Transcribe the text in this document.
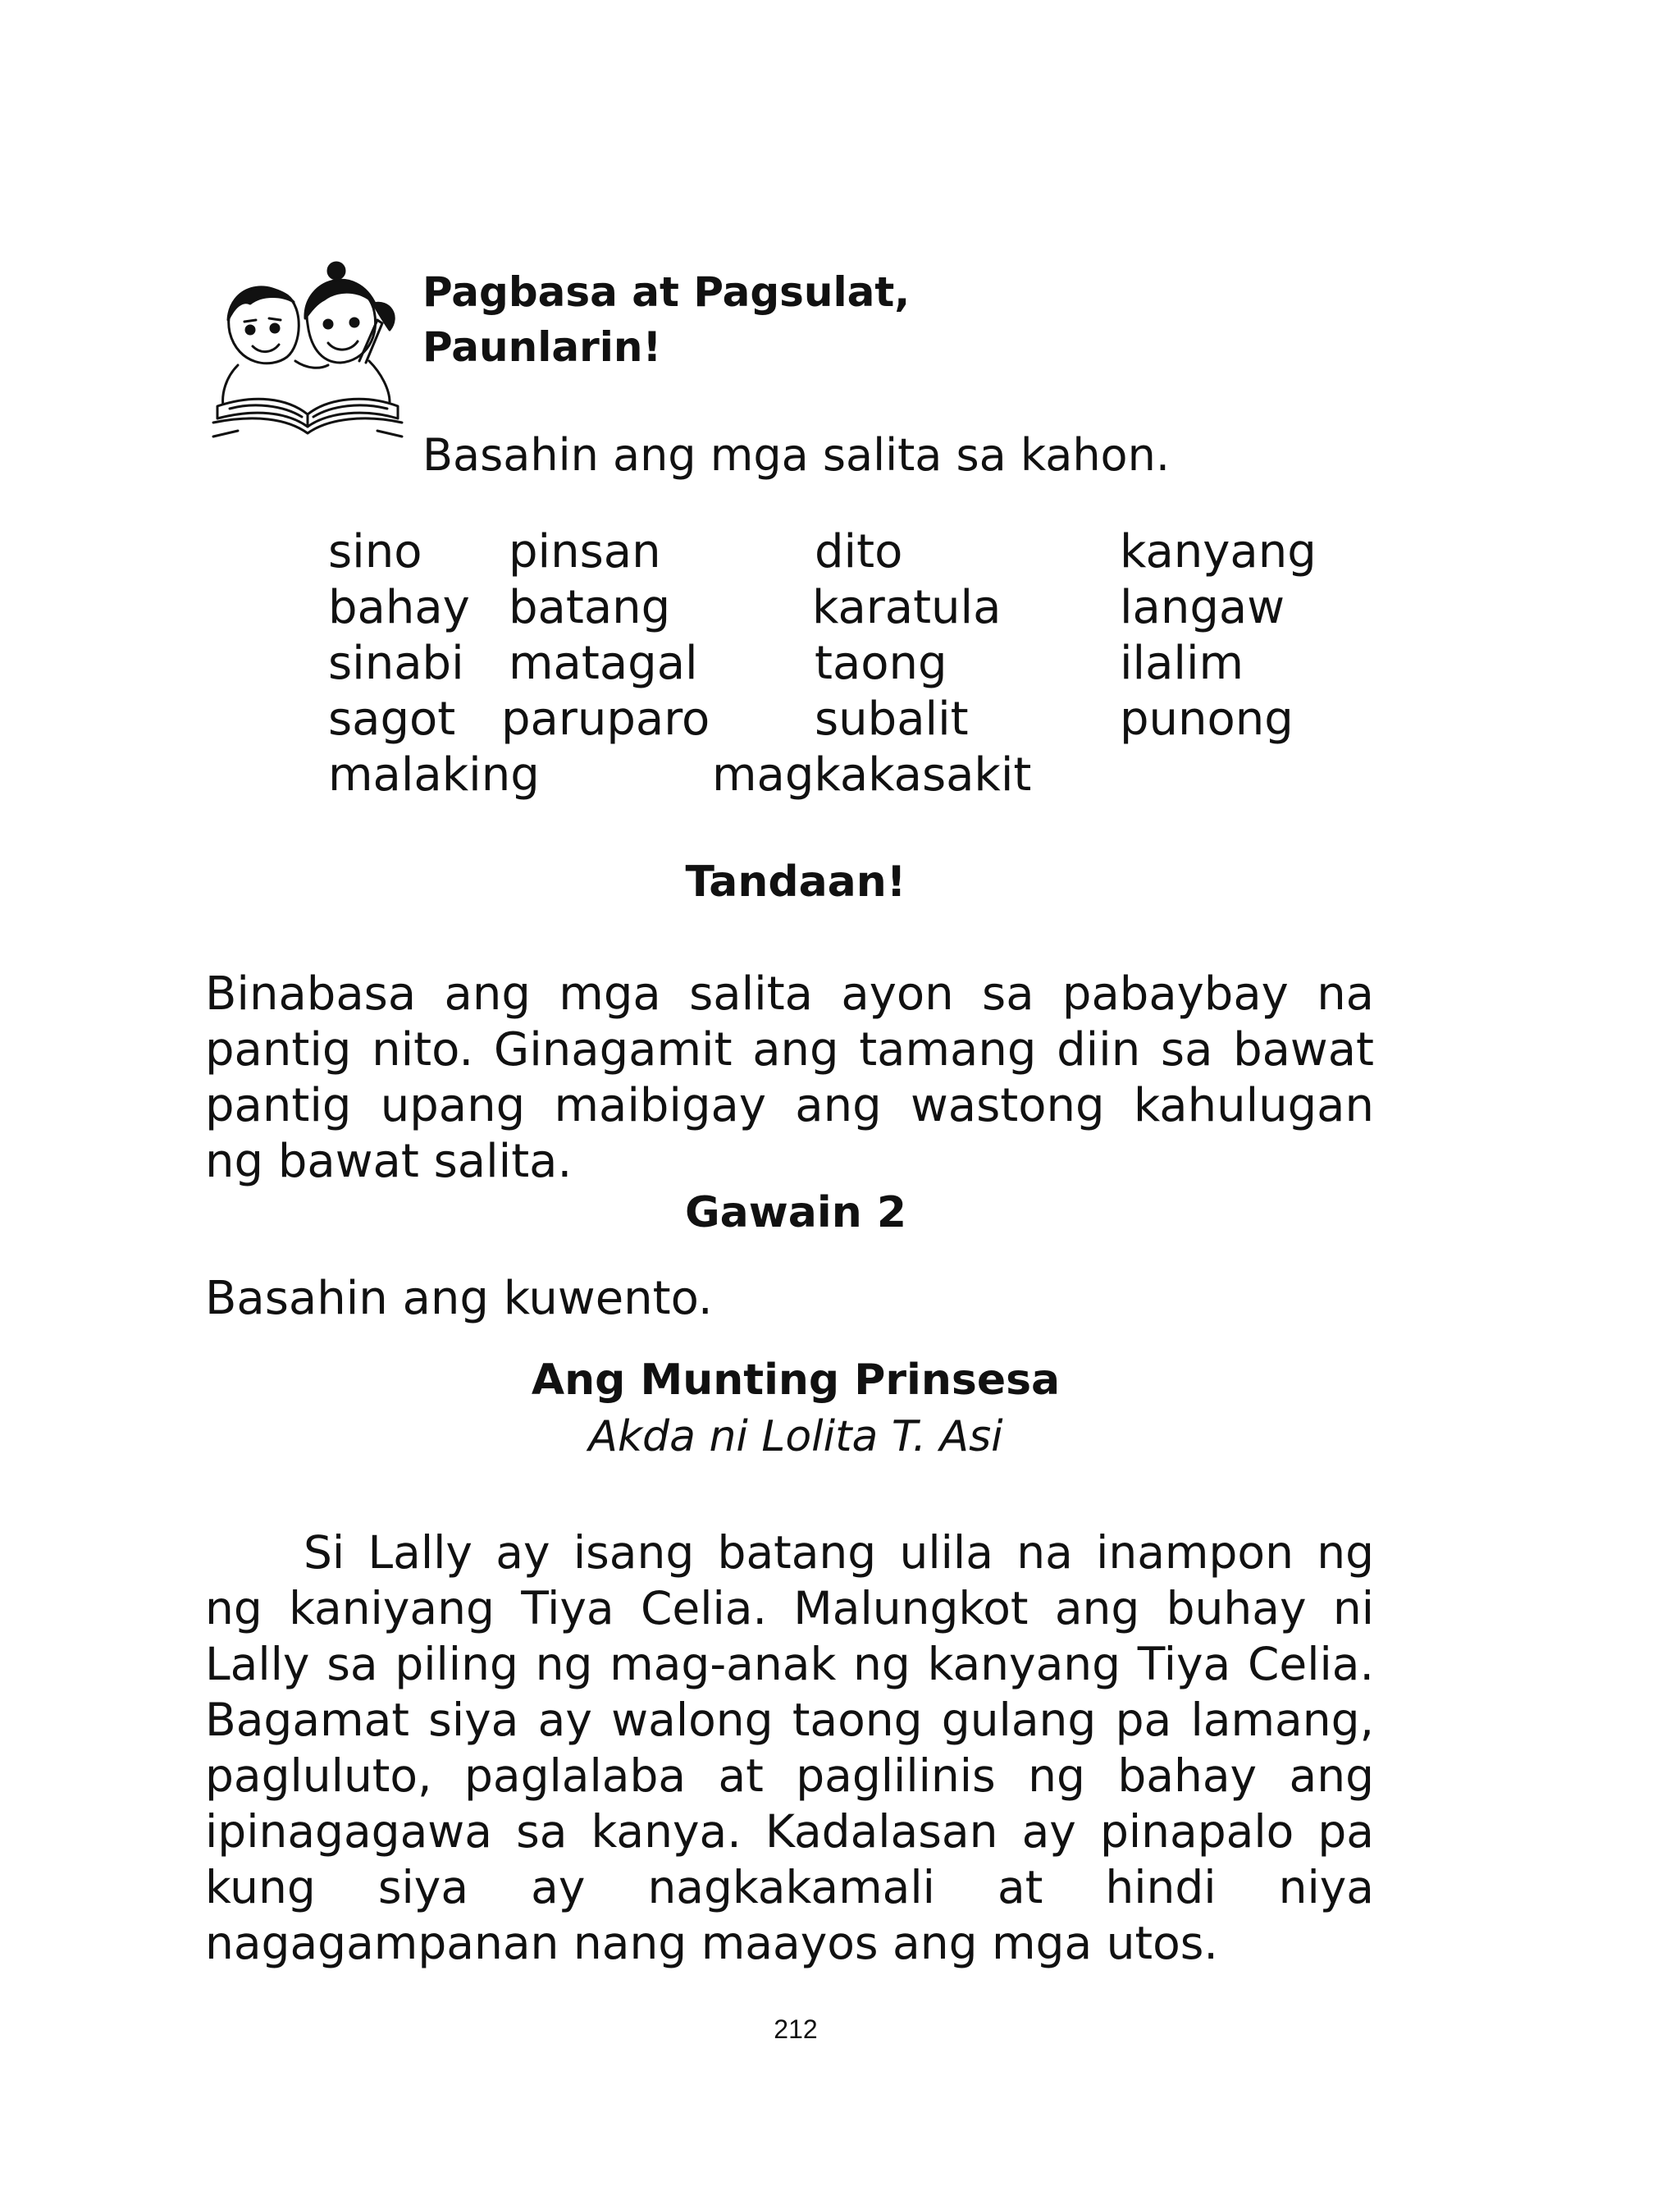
Pagbasa at Pagsulat,
Paunlarin!
Basahin ang mga salita sa kahon.
sino pinsan	dito	kanyang
bahay batang	karatula	langaw
sinabi matagal	taong	ilalim
sagot paruparo subalit	punong
malaking	magkakasakit
Tandaan!

Binabasa ang mga salita ayon sa pabaybay na pantig nito. Ginagamit ang tamang diin sa bawat pantig upang maibigay ang wastong kahulugan ng bawat salita.

Gawain 2
Basahin ang kuwento.
Ang Munting Prinsesa
Akda ni Lolita T. Asi

Si Lally ay isang batang ulila na inampon ng ng kaniyang Tiya Celia. Malungkot ang buhay ni Lally sa piling ng mag-anak ng kanyang Tiya Celia. Bagamat siya ay walong taong gulang pa lamang, pagluluto, paglalaba at paglilinis ng bahay ang ipinagagawa sa kanya. Kadalasan ay pinapalo pa kung siya ay nagkakamali at hindi niya nagagampanan nang maayos ang mga utos.

212
